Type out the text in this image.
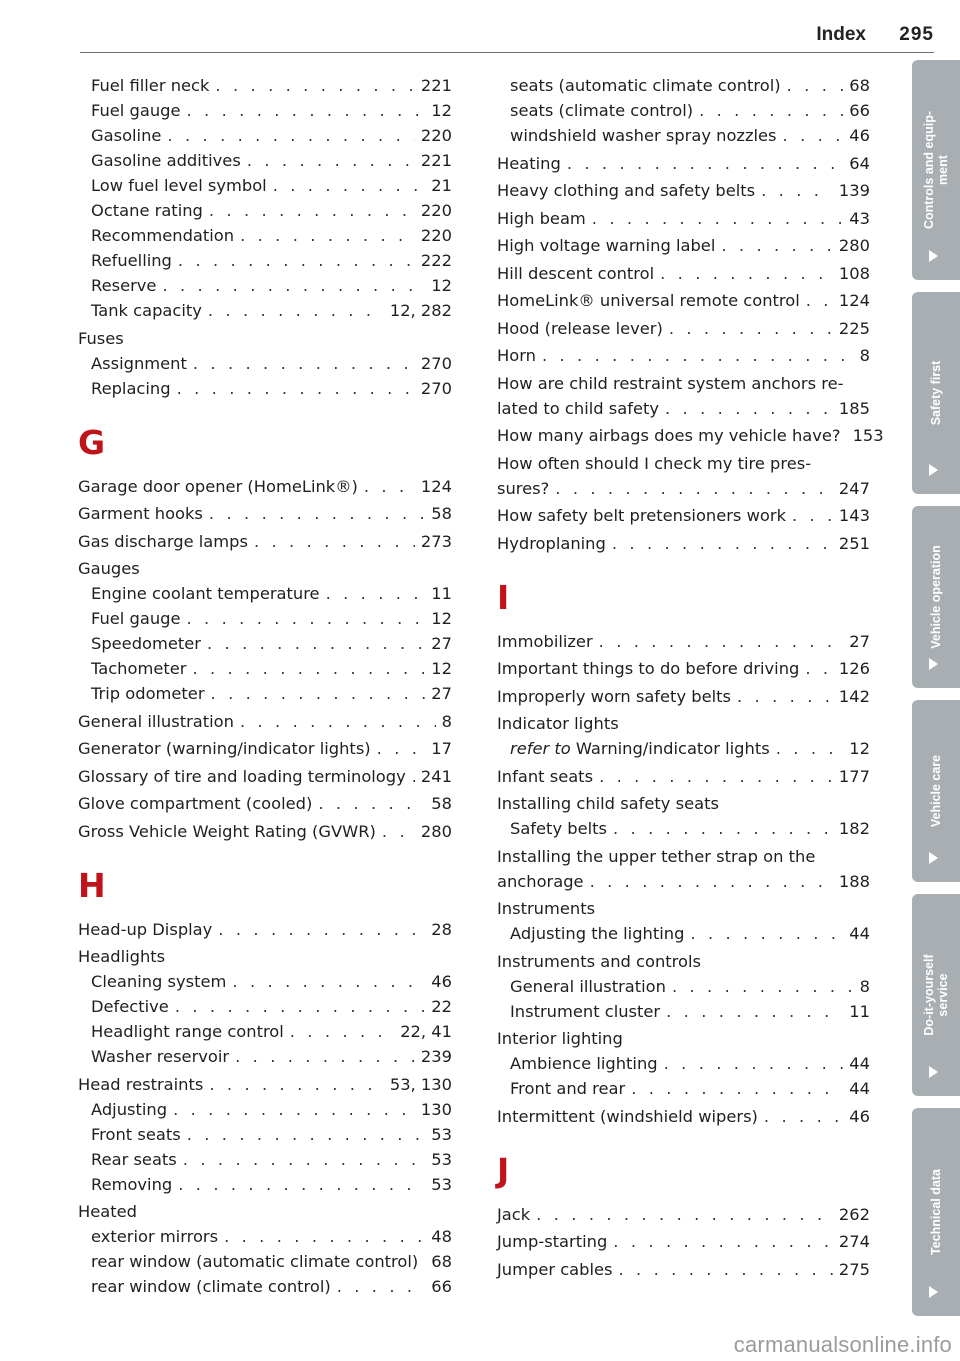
Index 295
Fuel filler neck . . .	221
Fuel gauge . . .	12
Gasoline . . .	220
Gasoline additives . . .	221
Low fuel level symbol . . .	21
Octane rating . . .	220
Recommendation . . .	220
Refuelling . . .	222
Reserve . . .	12
Tank capacity . . .	12, 282
Fuses
Assignment . . .	270
Replacing . . .	270
G
Garage door opener (HomeLink®) . . .	124
Garment hooks . . .	58
Gas discharge lamps . . .	273
Gauges
Engine coolant temperature . . .	11
Fuel gauge . . .	12
Speedometer . . .	27
Tachometer . . .	12
Trip odometer . . .	27
General illustration . . .	8
Generator (warning/indicator lights) . . .	17
Glossary of tire and loading terminology . . . 241
Glove compartment (cooled) . . .	58
Gross Vehicle Weight Rating (GVWR) . . .	280
H
Head-up Display . . .	28
Headlights
Cleaning system . . .	46
Defective . . .	22
Headlight range control . . .	22, 41
Washer reservoir . . .	239
Head restraints . . .	53, 130
Adjusting . . .	130
Front seats . . .	53
Rear seats . . .	53
Removing . . .	53
Heated
exterior mirrors . . .	48
rear window (automatic climate control) . . . 68
rear window (climate control) . . .	66
seats (automatic climate control) . . .	68
seats (climate control) . . .	66
windshield washer spray nozzles . . .	46
Heating . . .	64
Heavy clothing and safety belts . . .	139
High beam . . .	43
High voltage warning label . . .	280
Hill descent control . . .	108
HomeLink® universal remote control . . . 124
Hood (release lever) . . .	225
Horn . . .	8
How are child restraint system anchors re-
lated to child safety . . .	185
How many airbags does my vehicle have? 153
How often should I check my tire pres-
sures? . . .	247
How safety belt pretensioners work . . .	143
Hydroplaning . . .	251
I
Immobilizer . . .	27
Important things to do before driving . . . 126
Improperly worn safety belts . . .	142
Indicator lights
refer to Warning/indicator lights . . .	12
Infant seats . . .	177
Installing child safety seats
Safety belts . . .	182
Installing the upper tether strap on the
anchorage . . .	188
Instruments
Adjusting the lighting . . .	44
Instruments and controls
General illustration . . .	8
Instrument cluster . . .	11
Interior lighting
Ambience lighting . . .	44
Front and rear . . .	44
Intermittent (windshield wipers) . . .	46
J
Jack . . .	262
Jump-starting . . .	274
Jumper cables . . .	275
Controls and equip- ment
Safety first
Vehicle operation
Vehicle care
Do-it-yourself service
Technical data
carmanualsonline.info
